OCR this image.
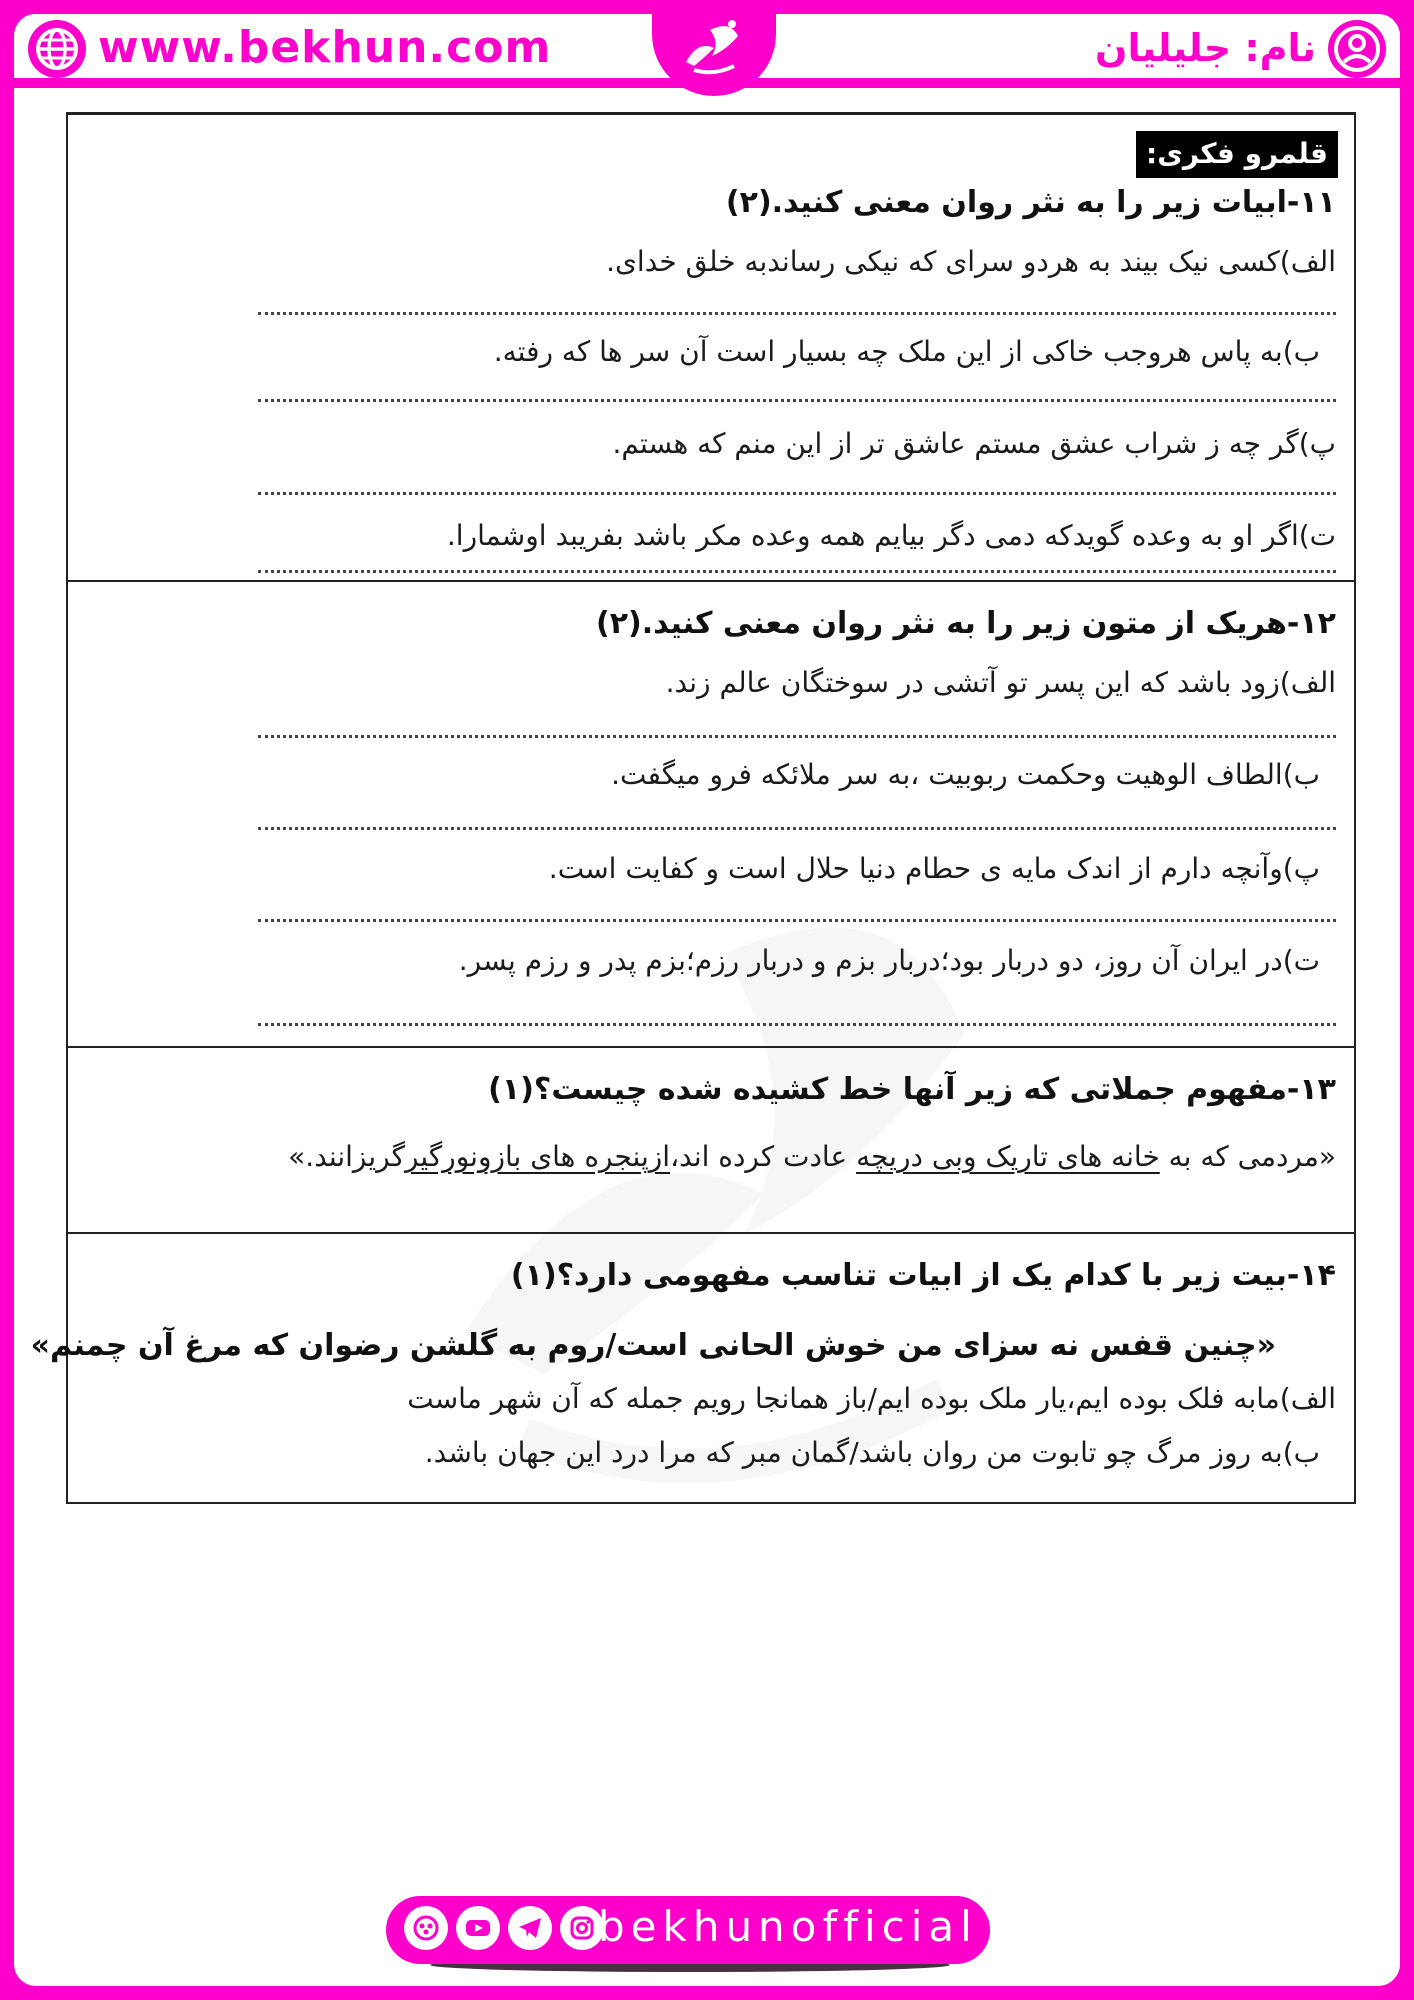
www.bekhun.com	نام: جلیلیان
قلمرو فکری:
۱۱-ابیات زیر را به نثر روان معنی کنید.(۲)
الف)کسی نیک بیند به هردو سرای که نیکی رساندبه خلق خدای.
ب)به پاس هروجب خاکی از این ملک چه بسیار است آن سر ها که رفته.
پ)گر چه ز شراب عشق مستم عاشق تر از این منم که هستم.
ت)اگر او به وعده گویدکه دمی دگر بیایم همه وعده مکر باشد بفریبد اوشمارا.
۱۲-هریک از متون زیر را به نثر روان معنی کنید.(۲)
الف)زود باشد که این پسر تو آتشی در سوختگان عالم زند.
ب)الطاف الوهیت وحکمت ربوبیت ،به سر ملائکه فرو میگفت.
پ)وآنچه دارم از اندک مایه ی حطام دنیا حلال است و کفایت است.
ت)در ایران آن روز، دو دربار بود؛دربار بزم و دربار رزم؛بزم پدر و رزم پسر.
۱۳-مفهوم جملاتی که زیر آنها خط کشیده شده چیست؟(۱)
«مردمی که به خانه های تاریک وبی دریچه عادت کرده اند،ازپنجره های بازونورگیرگریزانند.»
۱۴-بیت زیر با کدام یک از ابیات تناسب مفهومی دارد؟(۱)
«چنین قفس نه سزای من خوش الحانی است/روم به گلشن رضوان که مرغ آن چمنم»
الف)مابه فلک بوده ایم،یار ملک بوده ایم/باز همانجا رویم جمله که آن شهر ماست
ب)به روز مرگ چو تابوت من روان باشد/گمان مبر که مرا درد این جهان باشد.
bekhunofficial
